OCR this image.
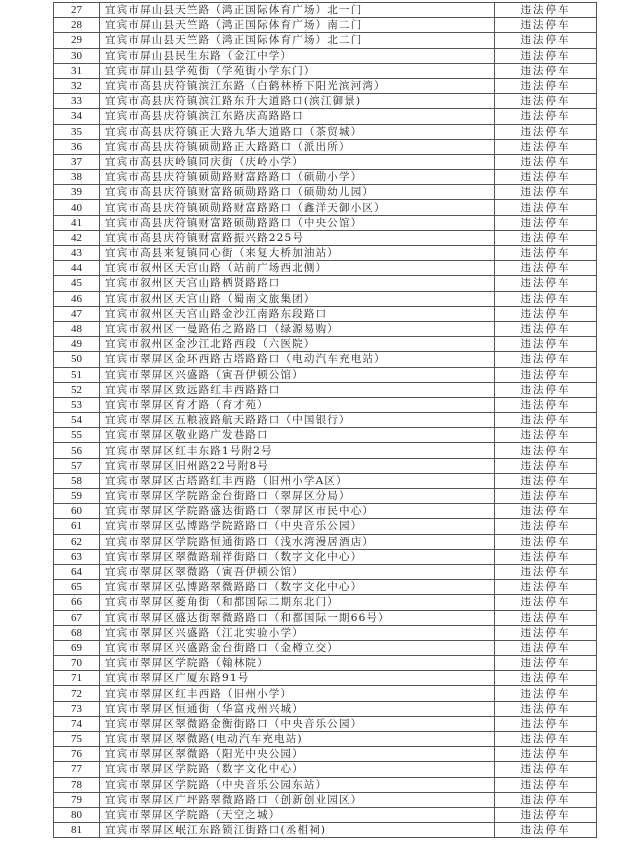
27	宜宾市屏山县天竺路（鸿正国际体育广场）北一门	违法停车
28	宜宾市屏山县天竺路（鸿正国际体育广场）南二门	违法停车
29	宜宾市屏山县天竺路（鸿正国际体育广场）北二门	违法停车
30	宜宾市屏山县民生东路（金江中学）	违法停车
31	宜宾市屏山县学苑街（学苑街小学东门）	违法停车
32	宜宾市高县庆符镇滨江东路（白鹤林桥下阳光滨河湾）	违法停车
33	宜宾市高县庆符镇滨江路东升大道路口(滨江御景)	违法停车
34	宜宾市高县庆符镇滨江东路庆高路路口	违法停车
35	宜宾市高县庆符镇正大路九华大道路口（茶贸城）	违法停车
36	宜宾市高县庆符镇硕勋路正大路路口（派出所）	违法停车
37	宜宾市高县庆岭镇同庆街（庆岭小学）	违法停车
38	宜宾市高县庆符镇硕勋路财富路路口（硕勋小学）	违法停车
39	宜宾市高县庆符镇财富路硕勋路路口（硕勋幼儿园）	违法停车
40	宜宾市高县庆符镇硕勋路财富路路口（鑫洋天御小区）	违法停车
41	宜宾市高县庆符镇财富路硕勋路路口（中央公馆）	违法停车
42	宜宾市高县庆符镇财富路振兴路225号	违法停车
43	宜宾市高县来复镇同心街（来复大桥加油站）	违法停车
44	宜宾市叙州区天宫山路（站前广场西北侧）	违法停车
45	宜宾市叙州区天宫山路栖贤路路口	违法停车
46	宜宾市叙州区天宫山路（蜀南文旅集团）	违法停车
47	宜宾市叙州区天宫山路金沙江南路东段路口	违法停车
48	宜宾市叙州区一曼路佑之路路口（绿源易购）	违法停车
49	宜宾市叙州区金沙江北路西段（六医院）	违法停车
50	宜宾市翠屏区金环西路古塔路路口（电动汽车充电站）	违法停车
51	宜宾市翠屏区兴盛路（寅吾伊顿公馆）	违法停车
52	宜宾市翠屏区致远路红丰西路路口	违法停车
53	宜宾市翠屏区育才路（育才苑）	违法停车
54	宜宾市翠屏区五粮液路航天路路口（中国银行）	违法停车
55	宜宾市翠屏区敬业路广发巷路口	违法停车
56	宜宾市翠屏区红丰东路1号附2号	违法停车
57	宜宾市翠屏区旧州路22号附8号	违法停车
58	宜宾市翠屏区古塔路红丰西路（旧州小学A区）	违法停车
59	宜宾市翠屏区学院路金台街路口（翠屏区分局）	违法停车
60	宜宾市翠屏区学院路盛达街路口（翠屏区市民中心）	违法停车
61	宜宾市翠屏区弘博路学院路路口（中央音乐公园）	违法停车
62	宜宾市翠屏区学院路恒通街路口（浅水湾漫居酒店）	违法停车
63	宜宾市翠屏区翠微路瑞祥街路口（数字文化中心）	违法停车
64	宜宾市翠屏区翠微路（寅吾伊顿公馆）	违法停车
65	宜宾市翠屏区弘博路翠微路路口（数字文化中心）	违法停车
66	宜宾市翠屏区菱角街（和都国际二期东北门）	违法停车
67	宜宾市翠屏区盛达街翠微路路口（和都国际一期66号）	违法停车
68	宜宾市翠屏区兴盛路（江北实验小学）	违法停车
69	宜宾市翠屏区兴盛路金台街路口（金樽立交）	违法停车
70	宜宾市翠屏区学院路（翰林院）	违法停车
71	宜宾市翠屏区广厦东路91号	违法停车
72	宜宾市翠屏区红丰西路（旧州小学）	违法停车
73	宜宾市翠屏区恒通街（华富戎州兴城）	违法停车
74	宜宾市翠屏区翠微路金衡街路口（中央音乐公园）	违法停车
75	宜宾市翠屏区翠微路(电动汽车充电站)	违法停车
76	宜宾市翠屏区翠微路（阳光中央公园）	违法停车
77	宜宾市翠屏区学院路（数字文化中心）	违法停车
78	宜宾市翠屏区学院路（中央音乐公园东站）	违法停车
79	宜宾市翠屏区广坪路翠微路路口（创新创业园区）	违法停车
80	宜宾市翠屏区学院路（天空之城）	违法停车
81	宜宾市翠屏区岷江东路锁江街路口(丞相祠)	违法停车
